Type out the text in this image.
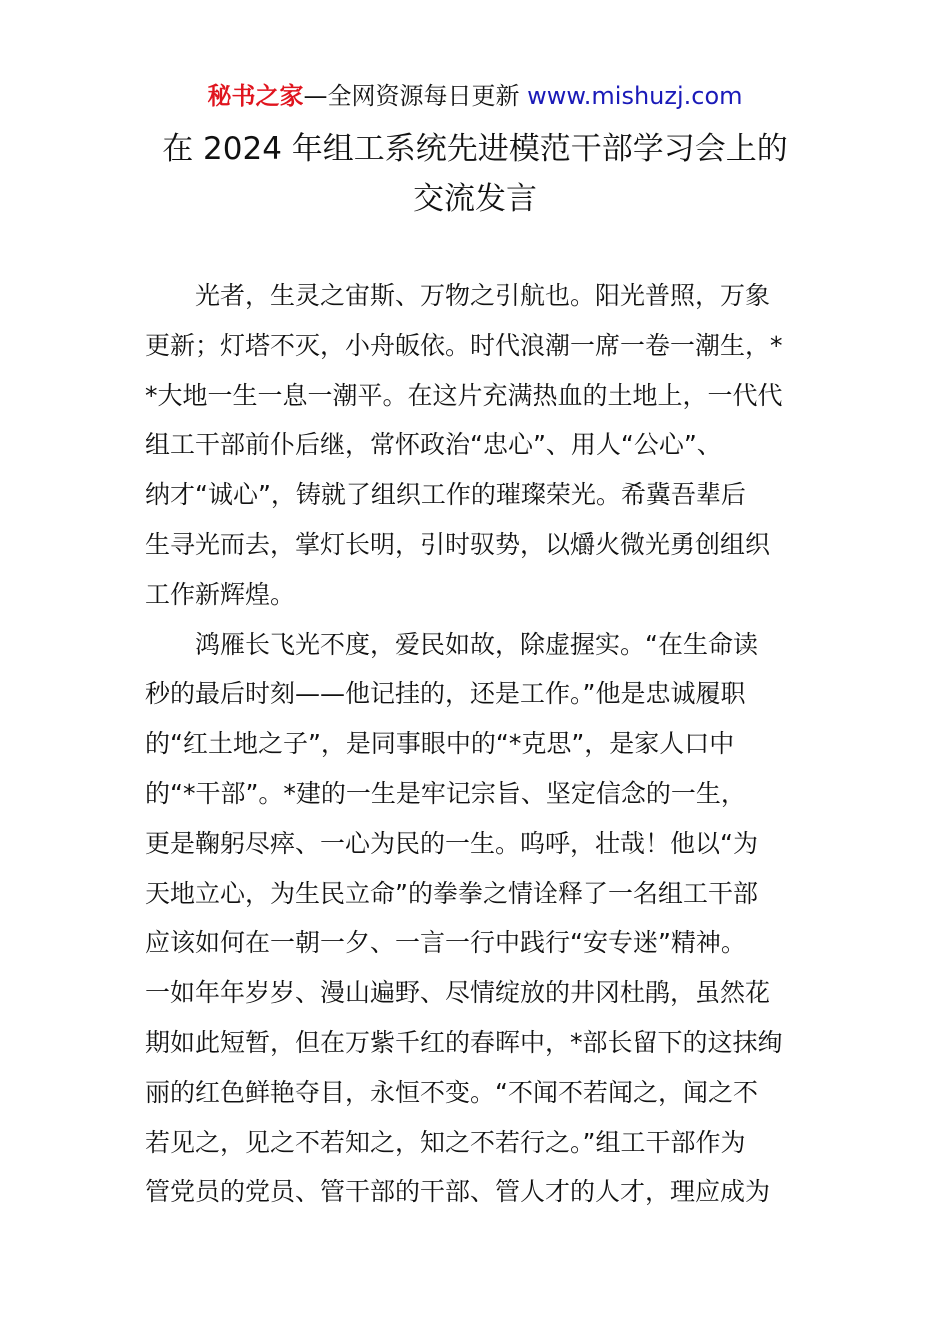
秘书之家—全网资源每日更新 www.mishuzj.com
在 2024 年组工系统先进模范干部学习会上的
交流发言

光者，生灵之宙斯、万物之引航也。阳光普照，万象
更新；灯塔不灭，小舟皈依。时代浪潮一席一卷一潮生，*
*大地一生一息一潮平。在这片充满热血的土地上，一代代
组工干部前仆后继，常怀政治“忠心”、用人“公心”、
纳才“诚心”，铸就了组织工作的璀璨荣光。希冀吾辈后
生寻光而去，掌灯长明，引时驭势，以爝火微光勇创组织
工作新辉煌。

鸿雁长飞光不度，爱民如故，除虚握实。“在生命读
秒的最后时刻——他记挂的，还是工作。”他是忠诚履职
的“红土地之子”，是同事眼中的“*克思”，是家人口中
的“*干部”。*建的一生是牢记宗旨、坚定信念的一生，
更是鞠躬尽瘁、一心为民的一生。呜呼，壮哉！他以“为
天地立心，为生民立命”的拳拳之情诠释了一名组工干部
应该如何在一朝一夕、一言一行中践行“安专迷”精神。
一如年年岁岁、漫山遍野、尽情绽放的井冈杜鹃，虽然花
期如此短暂，但在万紫千红的春晖中，*部长留下的这抹绚
丽的红色鲜艳夺目，永恒不变。“不闻不若闻之，闻之不
若见之，见之不若知之，知之不若行之。”组工干部作为
管党员的党员、管干部的干部、管人才的人才，理应成为
